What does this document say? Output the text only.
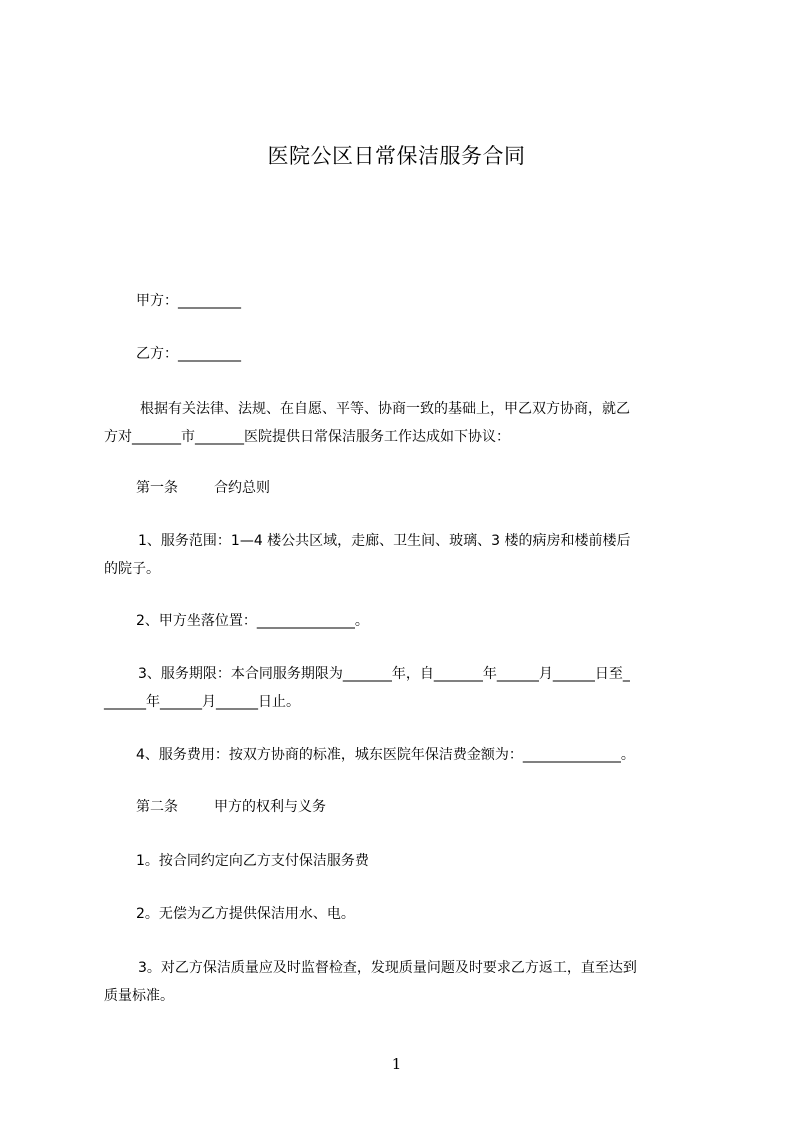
医院公区日常保洁服务合同
甲方：_________
乙方：_________
根据有关法律、法规、在自愿、平等、协商一致的基础上，甲乙双方协商，就乙
方对_______市_______医院提供日常保洁服务工作达成如下协议：
第一条	合约总则
1、服务范围：1—4 楼公共区域，走廊、卫生间、玻璃、3 楼的病房和楼前楼后
的院子。
2、甲方坐落位置：______________。
3、服务期限：本合同服务期限为_______年，自_______年______月______日至_
______年______月______日止。
4、服务费用：按双方协商的标准，城东医院年保洁费金额为：______________。
第二条	甲方的权利与义务
1。按合同约定向乙方支付保洁服务费
2。无偿为乙方提供保洁用水、电。
3。对乙方保洁质量应及时监督检查，发现质量问题及时要求乙方返工，直至达到
质量标准。
1
